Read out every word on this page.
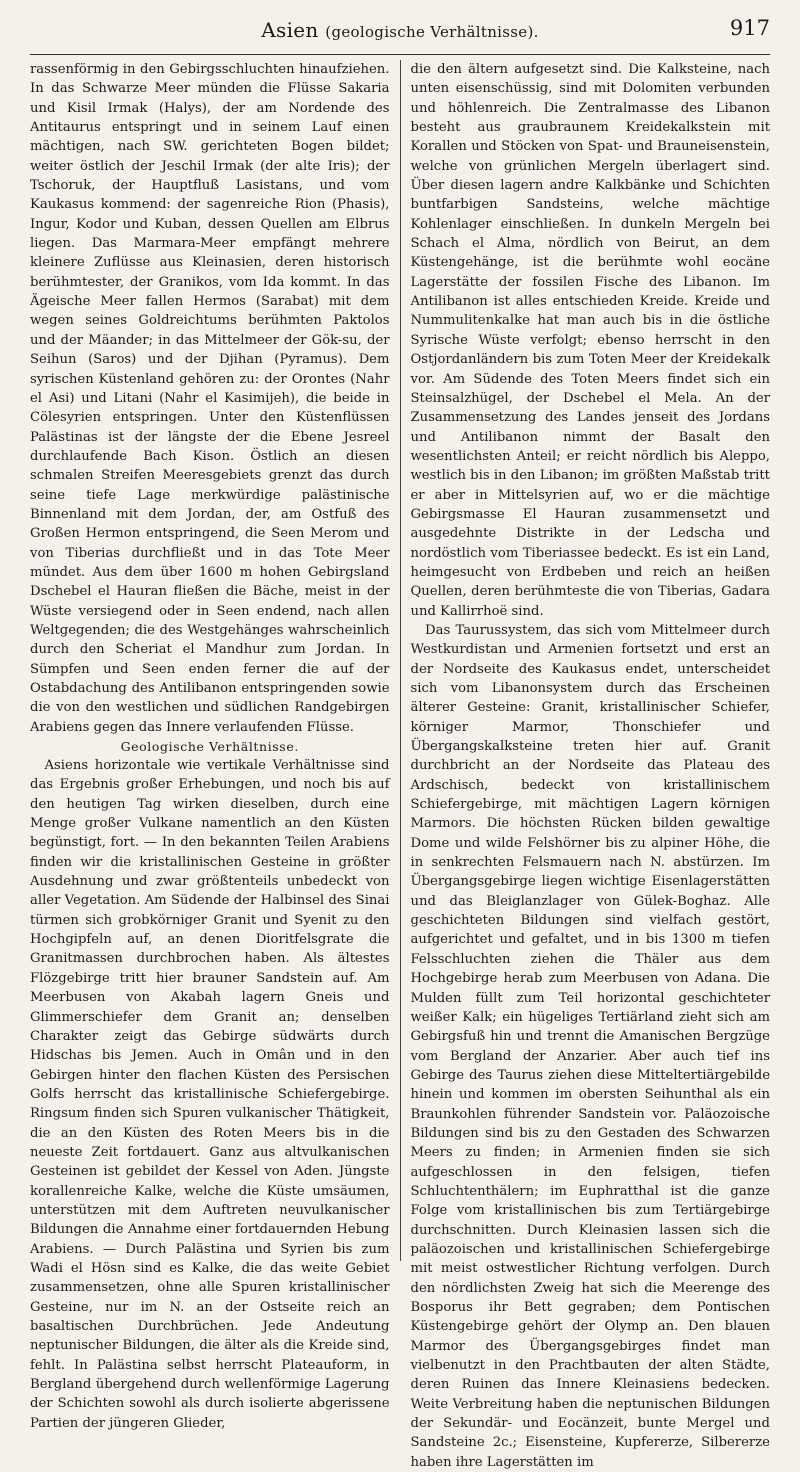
Asien (geologische Verhältnisse).	917

rassenförmig in den Gebirgsschluchten hinaufziehen. In das Schwarze Meer münden die Flüsse Sakaria und Kisil Irmak (Halys), der am Nordende des Antitaurus entspringt und in seinem Lauf einen mächtigen, nach SW. gerichteten Bogen bildet; weiter östlich der Jeschil Irmak (der alte Iris); der Tschoruk, der Hauptfluß Lasistans, und vom Kaukasus kommend: der sagenreiche Rion (Phasis), Ingur, Kodor und Kuban, dessen Quellen am Elbrus liegen. Das Marmara-Meer empfängt mehrere kleinere Zuflüsse aus Kleinasien, deren historisch berühmtester, der Granikos, vom Ida kommt. In das Ägeische Meer fallen Hermos (Sarabat) mit dem wegen seines Goldreichtums berühmten Paktolos und der Mäander; in das Mittelmeer der Gök-su, der Seihun (Saros) und der Djihan (Pyramus). Dem syrischen Küstenland gehören zu: der Orontes (Nahr el Asi) und Litani (Nahr el Kasimijeh), die beide in Cölesyrien entspringen. Unter den Küstenflüssen Palästinas ist der längste der die Ebene Jesreel durchlaufende Bach Kison. Östlich an diesen schmalen Streifen Meeresgebiets grenzt das durch seine tiefe Lage merkwürdige palästinische Binnenland mit dem Jordan, der, am Ostfuß des Großen Hermon entspringend, die Seen Merom und von Tiberias durchfließt und in das Tote Meer mündet. Aus dem über 1600 m hohen Gebirgsland Dschebel el Hauran fließen die Bäche, meist in der Wüste versiegend oder in Seen endend, nach allen Weltgegenden; die des Westgehänges wahrscheinlich durch den Scheriat el Mandhur zum Jordan. In Sümpfen und Seen enden ferner die auf der Ostabdachung des Antilibanon entspringenden sowie die von den westlichen und südlichen Randgebirgen Arabiens gegen das Innere verlaufenden Flüsse.

Geologische Verhältnisse.

Asiens horizontale wie vertikale Verhältnisse sind das Ergebnis großer Erhebungen, und noch bis auf den heutigen Tag wirken dieselben, durch eine Menge großer Vulkane namentlich an den Küsten begünstigt, fort. — In den bekannten Teilen Arabiens finden wir die kristallinischen Gesteine in größter Ausdehnung und zwar größtenteils unbedeckt von aller Vegetation. Am Südende der Halbinsel des Sinai türmen sich grobkörniger Granit und Syenit zu den Hochgipfeln auf, an denen Dioritfelsgrate die Granitmassen durchbrochen haben. Als ältestes Flözgebirge tritt hier brauner Sandstein auf. Am Meerbusen von Akabah lagern Gneis und Glimmerschiefer dem Granit an; denselben Charakter zeigt das Gebirge südwärts durch Hidschas bis Jemen. Auch in Omân und in den Gebirgen hinter den flachen Küsten des Persischen Golfs herrscht das kristallinische Schiefergebirge. Ringsum finden sich Spuren vulkanischer Thätigkeit, die an den Küsten des Roten Meers bis in die neueste Zeit fortdauert. Ganz aus altvulkanischen Gesteinen ist gebildet der Kessel von Aden. Jüngste korallenreiche Kalke, welche die Küste umsäumen, unterstützen mit dem Auftreten neuvulkanischer Bildungen die Annahme einer fortdauernden Hebung Arabiens. — Durch Palästina und Syrien bis zum Wadi el Hösn sind es Kalke, die das weite Gebiet zusammensetzen, ohne alle Spuren kristallinischer Gesteine, nur im N. an der Ostseite reich an basaltischen Durchbrüchen. Jede Andeutung neptunischer Bildungen, die älter als die Kreide sind, fehlt. In Palästina selbst herrscht Plateauform, in Bergland übergehend durch wellenförmige Lagerung der Schichten sowohl als durch isolierte abgerissene Partien der jüngeren Glieder,

die den ältern aufgesetzt sind. Die Kalksteine, nach unten eisenschüssig, sind mit Dolomiten verbunden und höhlenreich. Die Zentralmasse des Libanon besteht aus graubraunem Kreidekalkstein mit Korallen und Stöcken von Spat- und Brauneisenstein, welche von grünlichen Mergeln überlagert sind. Über diesen lagern andre Kalkbänke und Schichten buntfarbigen Sandsteins, welche mächtige Kohlenlager einschließen. In dunkeln Mergeln bei Schach el Alma, nördlich von Beirut, an dem Küstengehänge, ist die berühmte wohl eocäne Lagerstätte der fossilen Fische des Libanon. Im Antilibanon ist alles entschieden Kreide. Kreide und Nummulitenkalke hat man auch bis in die östliche Syrische Wüste verfolgt; ebenso herrscht in den Ostjordanländern bis zum Toten Meer der Kreidekalk vor. Am Südende des Toten Meers findet sich ein Steinsalzhügel, der Dschebel el Mela. An der Zusammensetzung des Landes jenseit des Jordans und Antilibanon nimmt der Basalt den wesentlichsten Anteil; er reicht nördlich bis Aleppo, westlich bis in den Libanon; im größten Maßstab tritt er aber in Mittelsyrien auf, wo er die mächtige Gebirgsmasse El Hauran zusammensetzt und ausgedehnte Distrikte in der Ledscha und nordöstlich vom Tiberiassee bedeckt. Es ist ein Land, heimgesucht von Erdbeben und reich an heißen Quellen, deren berühmteste die von Tiberias, Gadara und Kallirrhoë sind.

Das Taurussystem, das sich vom Mittelmeer durch Westkurdistan und Armenien fortsetzt und erst an der Nordseite des Kaukasus endet, unterscheidet sich vom Libanonsystem durch das Erscheinen älterer Gesteine: Granit, kristallinischer Schiefer, körniger Marmor, Thonschiefer und Übergangskalksteine treten hier auf. Granit durchbricht an der Nordseite das Plateau des Ardschisch, bedeckt von kristallinischem Schiefergebirge, mit mächtigen Lagern körnigen Marmors. Die höchsten Rücken bilden gewaltige Dome und wilde Felshörner bis zu alpiner Höhe, die in senkrechten Felsmauern nach N. abstürzen. Im Übergangsgebirge liegen wichtige Eisenlagerstätten und das Bleiglanzlager von Gülek-Boghaz. Alle geschichteten Bildungen sind vielfach gestört, aufgerichtet und gefaltet, und in bis 1300 m tiefen Felsschluchten ziehen die Thäler aus dem Hochgebirge herab zum Meerbusen von Adana. Die Mulden füllt zum Teil horizontal geschichteter weißer Kalk; ein hügeliges Tertiärland zieht sich am Gebirgsfuß hin und trennt die Amanischen Bergzüge vom Bergland der Anzarier. Aber auch tief ins Gebirge des Taurus ziehen diese Mitteltertiärgebilde hinein und kommen im obersten Seihunthal als ein Braunkohlen führender Sandstein vor. Paläozoische Bildungen sind bis zu den Gestaden des Schwarzen Meers zu finden; in Armenien finden sie sich aufgeschlossen in den felsigen, tiefen Schluchtenthälern; im Euphratthal ist die ganze Folge vom kristallinischen bis zum Tertiärgebirge durchschnitten. Durch Kleinasien lassen sich die paläozoischen und kristallinischen Schiefergebirge mit meist ostwestlicher Richtung verfolgen. Durch den nördlichsten Zweig hat sich die Meerenge des Bosporus ihr Bett gegraben; dem Pontischen Küstengebirge gehört der Olymp an. Den blauen Marmor des Übergangsgebirges findet man vielbenutzt in den Prachtbauten der alten Städte, deren Ruinen das Innere Kleinasiens bedecken. Weite Verbreitung haben die neptunischen Bildungen der Sekundär- und Eocänzeit, bunte Mergel und Sandsteine 2c.; Eisensteine, Kupfererze, Silbererze haben ihre Lagerstätten im
